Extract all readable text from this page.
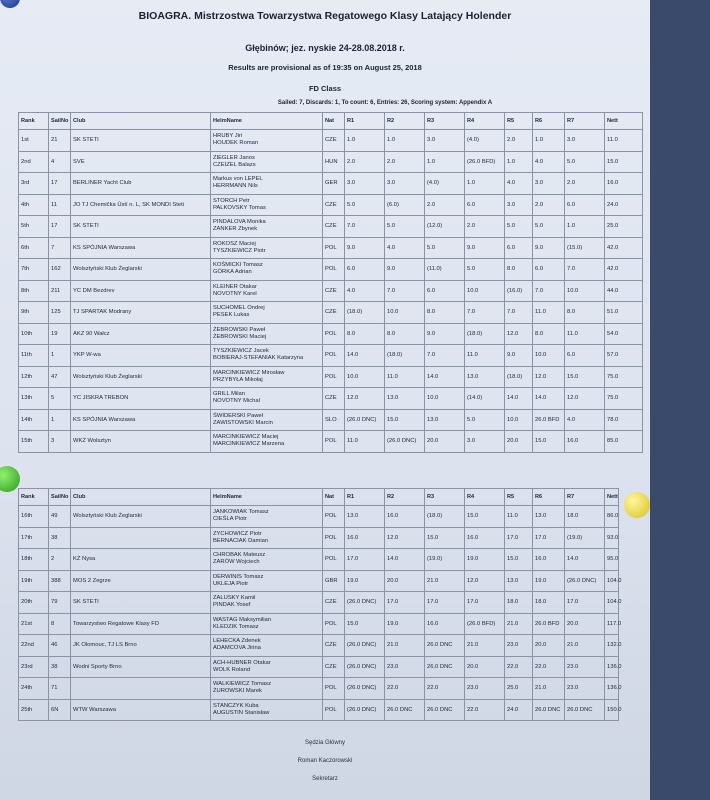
BIOAGRA. Mistrzostwa Towarzystwa Regatowego Klasy Latający Holender
Głębinów; jez. nyskie 24-28.08.2018 r.
Results are provisional as of 19:35 on August 25, 2018
FD Class
Sailed: 7, Discards: 1, To count: 6, Entries: 26, Scoring system: Appendix A
Rank	SailNo	Club	HelmName	Nat	R1	R2	R3	R4	R5	R6	R7	Nett
1st	21	SK STETI	HRUBY Jiri
HOUDEK Roman	CZE	1.0	1.0	3.0	(4.0)	2.0	1.0	3.0	11.0
2nd	4	SVE	ZIEGLER Janos
CZEIZEL Balazs	HUN	2.0	2.0	1.0	(26.0 BFD)	1.0	4.0	5.0	15.0
3rd	17	BERLINER Yacht Club	Markus von LEPEL
HERRMANN Nils	GER	3.0	3.0	(4.0)	1.0	4.0	3.0	2.0	16.0
4th	11	JO TJ Chemička Ústí n. L, SK MONDI Steti	STORCH Petr
PALKOVSKY Tomas	CZE	5.0	(6.0)	2.0	6.0	3.0	2.0	6.0	24.0
5th	17	SK STETI	PINDALOVA Monika
ZANKER Zbynek	CZE	7.0	5.0	(12.0)	2.0	5.0	5.0	1.0	25.0
6th	7	KS SPÓJNIA Warszawa	ROKOSZ Maciej
TYSZKIEWICZ Piotr	POL	9.0	4.0	5.0	9.0	6.0	9.0	(15.0)	42.0
7th	162	Wolsztyński Klub Żeglarski	KOŚMICKI Tomasz
GÓRKA Adrian	POL	6.0	9.0	(11.0)	5.0	8.0	6.0	7.0	42.0
8th	211	YC DM Bezdrev	KLEINER Otakar
NOVOTNY Karel	CZE	4.0	7.0	6.0	10.0	(16.0)	7.0	10.0	44.0
9th	125	TJ SPARTAK Modrany	SUCHOMEL Ondrej
PESEK Lukas	CZE	(18.0)	10.0	8.0	7.0	7.0	11.0	8.0	51.0
10th	19	AKZ 90 Wałcz	ŻEBROWSKI Paweł
ŻEBROWSKI Maciej	POL	8.0	8.0	9.0	(18.0)	12.0	8.0	11.0	54.0
11th	1	YKP W-wa	TYSZKIEWICZ Jacek
BOBIERAJ-STEFANIAK Katarzyna	POL	14.0	(18.0)	7.0	11.0	9.0	10.0	6.0	57.0
12th	47	Wolsztyński Klub Żeglarski	MARCINKIEWICZ Mirosław
PRZYBYŁA Mikołaj	POL	10.0	11.0	14.0	13.0	(18.0)	12.0	15.0	75.0
13th	5	YC JISKRA TREBON	GRILL Milan
NOVOTNY Michal	CZE	12.0	13.0	10.0	(14.0)	14.0	14.0	12.0	75.0
14th	1	KS SPÓJNIA Warszawa	ŚWIDERSKI Paweł
ZAWISTOWSKI Marcin	SLO	(26.0 DNC)	15.0	13.0	5.0	10.0	26.0 BFD	4.0	78.0
15th	3	WKŻ Wolsztyn	MARCINKIEWICZ Maciej
MARCINKIEWICZ Marzena	POL	11.0	(26.0 DNC)	20.0	3.0	20.0	15.0	16.0	85.0
Rank	SailNo	Club	HelmName	Nat	R1	R2	R3	R4	R5	R6	R7	Nett
16th	49	Wolsztyński Klub Żeglarski	JANKOWIAK Tomasz
CIEŚLA Piotr	POL	13.0	16.0	(18.0)	15.0	11.0	13.0	18.0	86.0
17th	38		ZYCHOWICZ Piotr
BERNACIAK Damian	POL	16.0	12.0	15.0	16.0	17.0	17.0	(19.0)	93.0
18th	2	KŻ Nysa	CHROBAK Mateusz
ZARÓW Wojciech	POL	17.0	14.0	(19.0)	19.0	15.0	16.0	14.0	95.0
19th	388	MOS 2 Zegrze	DERWINIS Tomasz
UKLEJA Piotr	GBR	19.0	20.0	21.0	12.0	13.0	19.0	(26.0 DNC)	104.0
20th	79	SK STETI	ZALUSKY Kamil
PINDAK Yosef	CZE	(26.0 DNC)	17.0	17.0	17.0	18.0	18.0	17.0	104.0
21st	8	Towarzystwo Regatowe Klasy FD	WASTAG Maksymilian
KLEDZIK Tomasz	POL	15.0	19.0	16.0	(26.0 BFD)	21.0	26.0 BFD	20.0	117.0
22nd	46	JK Olomouc, TJ LS Brno	LEHECKA Zdenek
ADAMCOVA Jirina	CZE	(26.0 DNC)	21.0	26.0 DNC	21.0	23.0	20.0	21.0	132.0
23rd	38	Wodni Sporty Brno	ACH-HUBNER Otakar
WOLK Roland	CZE	(26.0 DNC)	23.0	26.0 DNC	20.0	22.0	22.0	23.0	136.0
24th	71		WALKIEWICZ Tomasz
ŻUROWSKI Marek	POL	(26.0 DNC)	22.0	22.0	23.0	25.0	21.0	23.0	136.0
25th	6N	WTW Warszawa	STANCZYK Kuba
AUGUSTIN Stanisław	POL	(26.0 DNC)	26.0 DNC	26.0 DNC	22.0	24.0	26.0 DNC	26.0 DNC	150.0
Sędzia Główny
Roman Kaczorowski
Sekretarz
